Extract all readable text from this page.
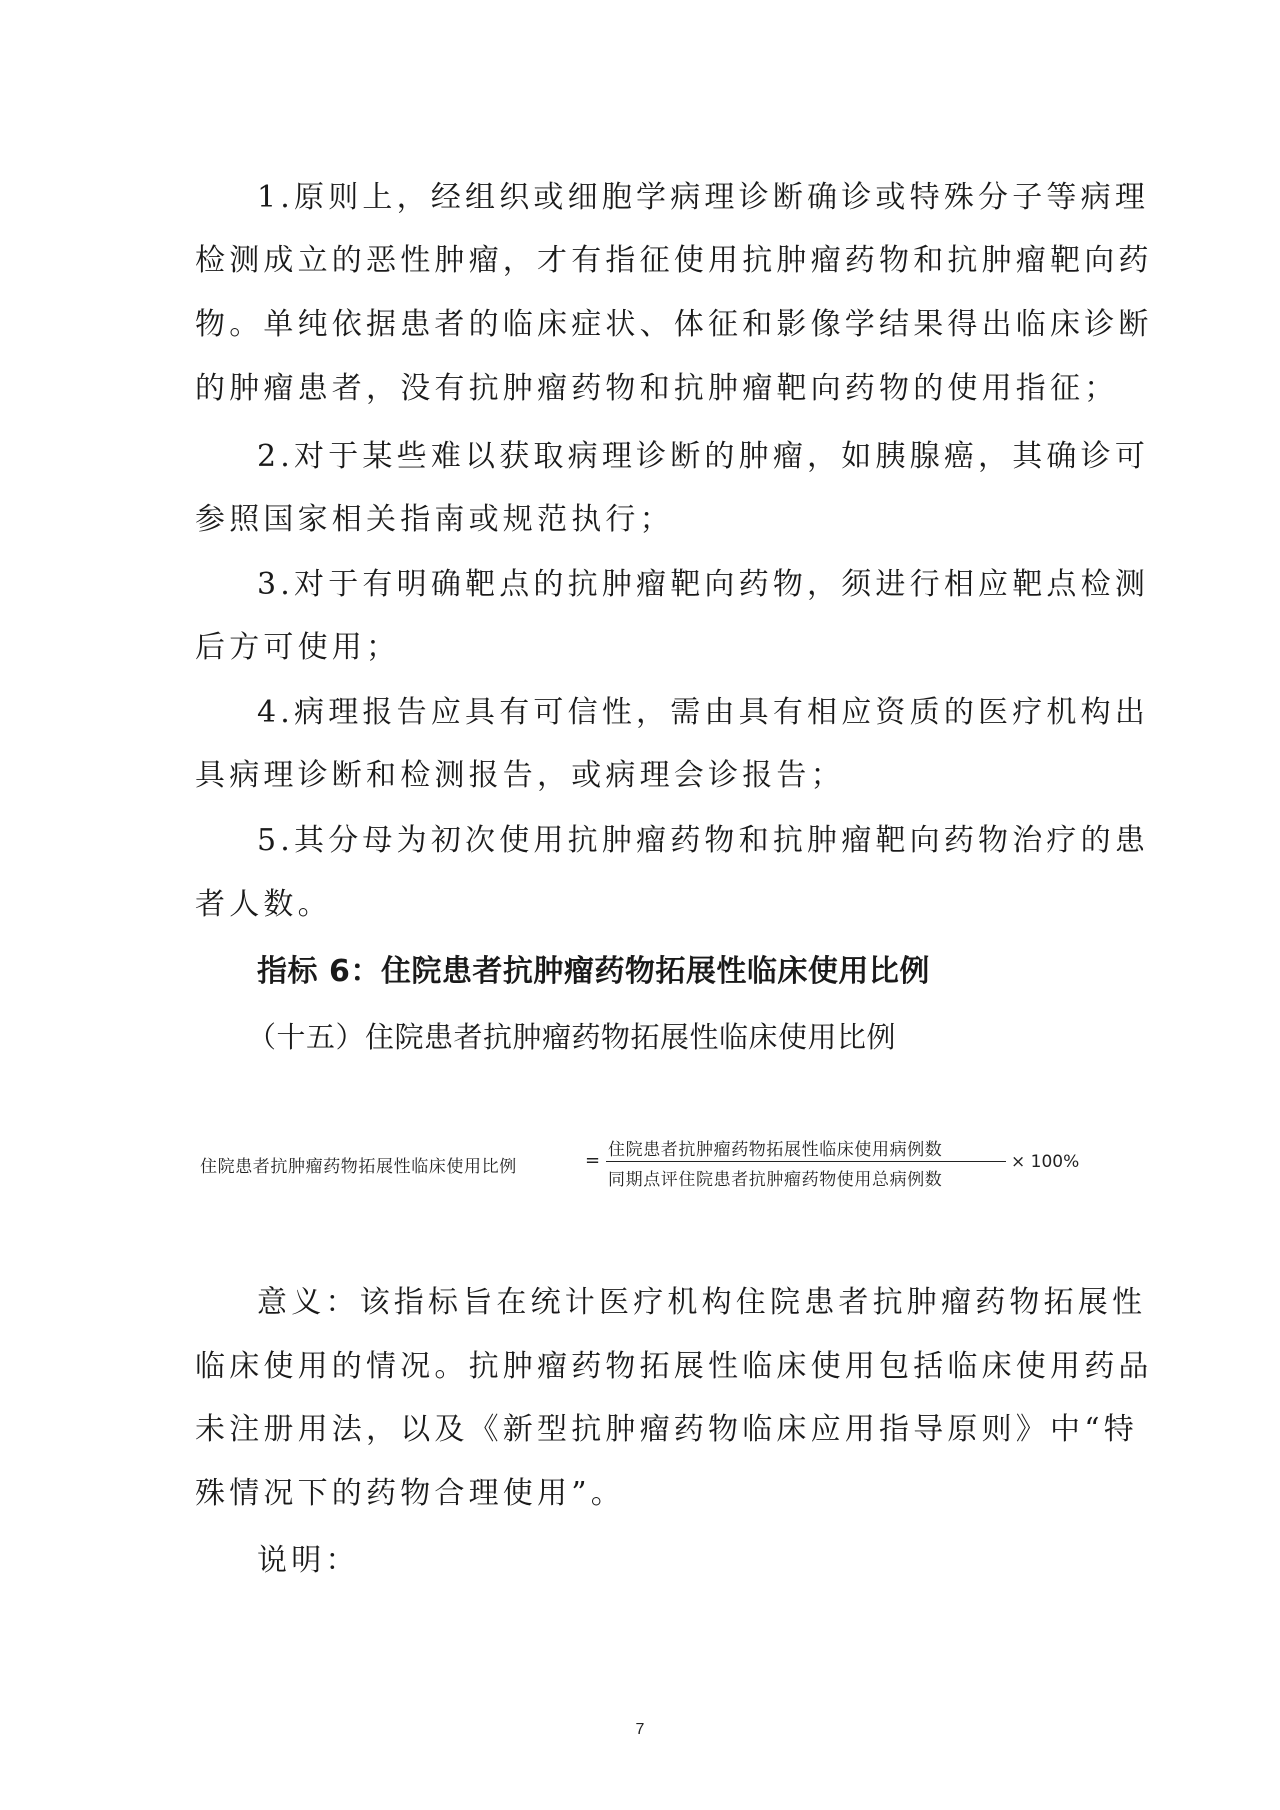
1.原则上，经组织或细胞学病理诊断确诊或特殊分子等病理
检测成立的恶性肿瘤，才有指征使用抗肿瘤药物和抗肿瘤靶向药
物。单纯依据患者的临床症状、体征和影像学结果得出临床诊断
的肿瘤患者，没有抗肿瘤药物和抗肿瘤靶向药物的使用指征；
2.对于某些难以获取病理诊断的肿瘤，如胰腺癌，其确诊可
参照国家相关指南或规范执行；
3.对于有明确靶点的抗肿瘤靶向药物，须进行相应靶点检测
后方可使用；
4.病理报告应具有可信性，需由具有相应资质的医疗机构出
具病理诊断和检测报告，或病理会诊报告；
5.其分母为初次使用抗肿瘤药物和抗肿瘤靶向药物治疗的患
者人数。
指标 6：住院患者抗肿瘤药物拓展性临床使用比例
（十五）住院患者抗肿瘤药物拓展性临床使用比例
住院患者抗肿瘤药物拓展性临床使用比例	= 住院患者抗肿瘤药物拓展性临床使用病例数
同期点评住院患者抗肿瘤药物使用总病例数
× 100%
意义：该指标旨在统计医疗机构住院患者抗肿瘤药物拓展性
临床使用的情况。抗肿瘤药物拓展性临床使用包括临床使用药品
未注册用法，以及《新型抗肿瘤药物临床应用指导原则》中“特
殊情况下的药物合理使用”。
说明：
7
